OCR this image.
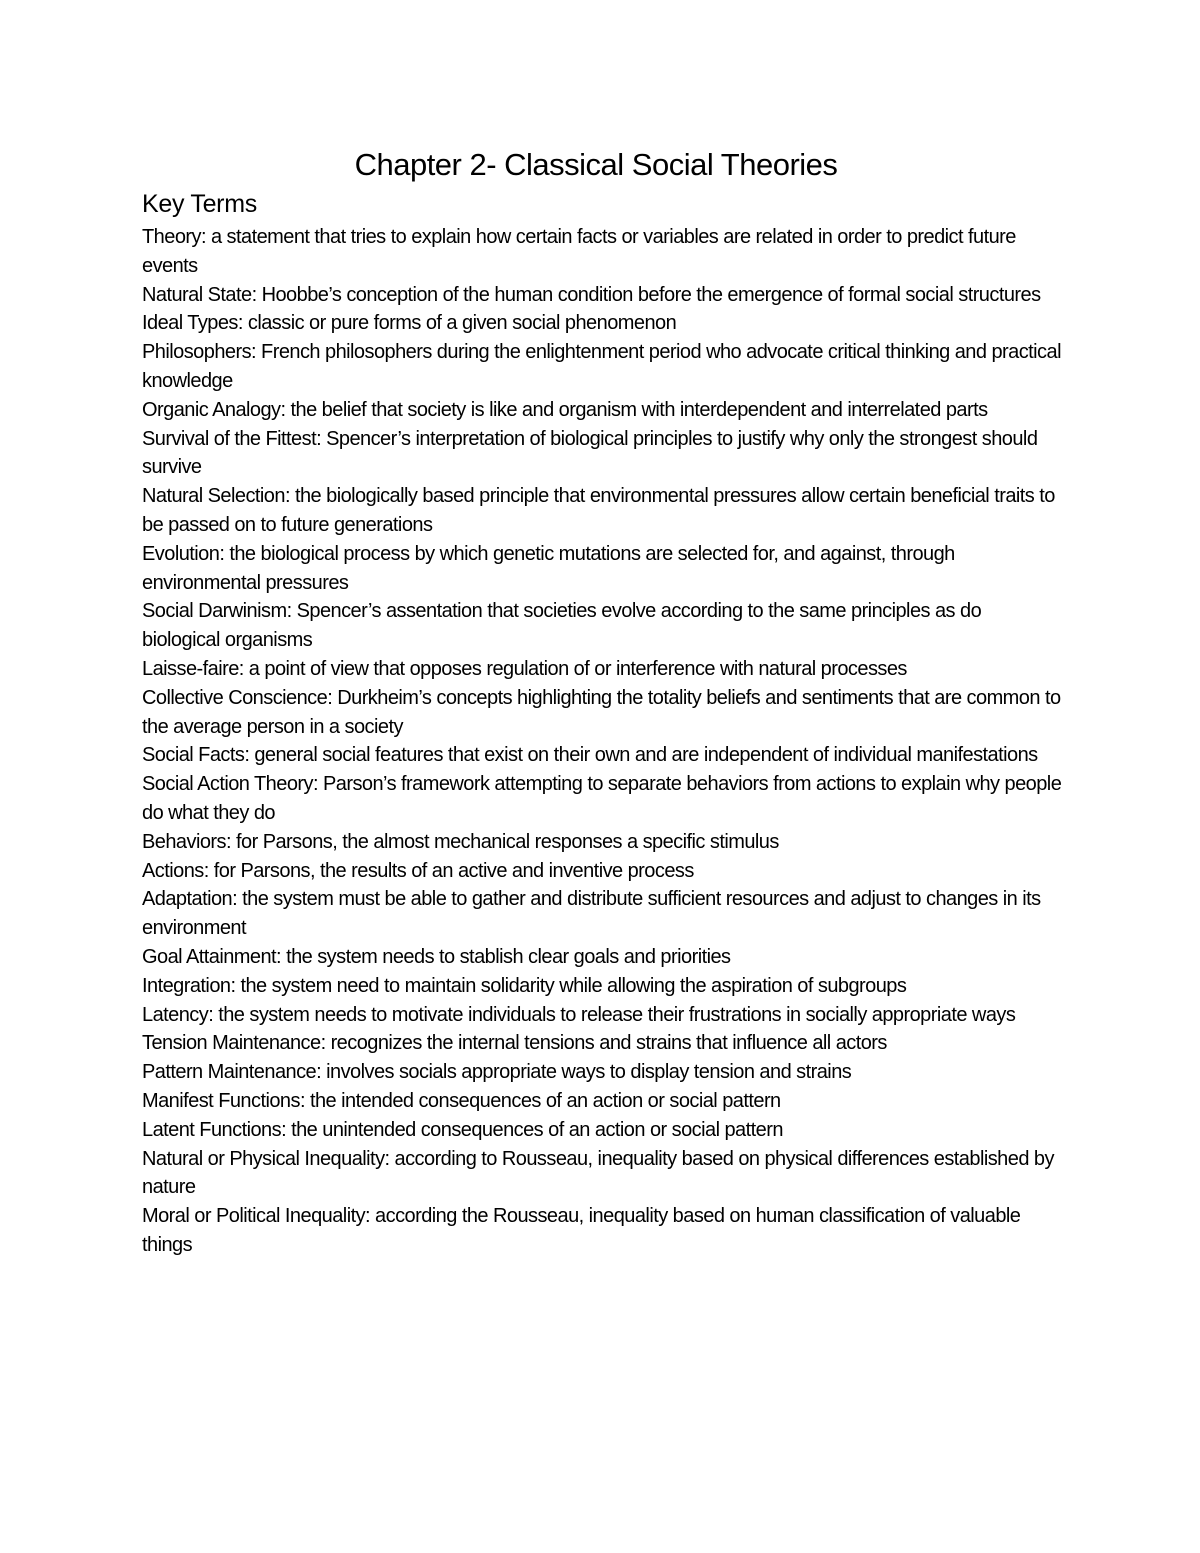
Chapter 2- Classical Social Theories
Key Terms
Theory: a statement that tries to explain how certain facts or variables are related in order to predict future events
Natural State: Hoobbe’s conception of the human condition before the emergence of formal social structures
Ideal Types: classic or pure forms of a given social phenomenon
Philosophers: French philosophers during the enlightenment period who advocate critical thinking and practical knowledge
Organic Analogy: the belief that society is like and organism with interdependent and interrelated parts
Survival of the Fittest: Spencer’s interpretation of biological principles to justify why only the strongest should survive
Natural Selection: the biologically based principle that environmental pressures allow certain beneficial traits to be passed on to future generations
Evolution: the biological process by which genetic mutations are selected for, and against, through environmental pressures
Social Darwinism: Spencer’s assentation that societies evolve according to the same principles as do biological organisms
Laisse-faire: a point of view that opposes regulation of or interference with natural processes
Collective Conscience: Durkheim’s concepts highlighting the totality beliefs and sentiments that are common to the average person in a society
Social Facts: general social features that exist on their own and are independent of individual manifestations
Social Action Theory: Parson’s framework attempting to separate behaviors from actions to explain why people do what they do
Behaviors: for Parsons, the almost mechanical responses a specific stimulus
Actions: for Parsons, the results of an active and inventive process
Adaptation: the system must be able to gather and distribute sufficient resources and adjust to changes in its environment
Goal Attainment: the system needs to stablish clear goals and priorities
Integration: the system need to maintain solidarity while allowing the aspiration of subgroups
Latency: the system needs to motivate individuals to release their frustrations in socially appropriate ways
Tension Maintenance: recognizes the internal tensions and strains that influence all actors
Pattern Maintenance: involves socials appropriate ways to display tension and strains
Manifest Functions: the intended consequences of an action or social pattern
Latent Functions: the unintended consequences of an action or social pattern
Natural or Physical Inequality: according to Rousseau, inequality based on physical differences established by nature
Moral or Political Inequality: according the Rousseau, inequality based on human classification of valuable things
